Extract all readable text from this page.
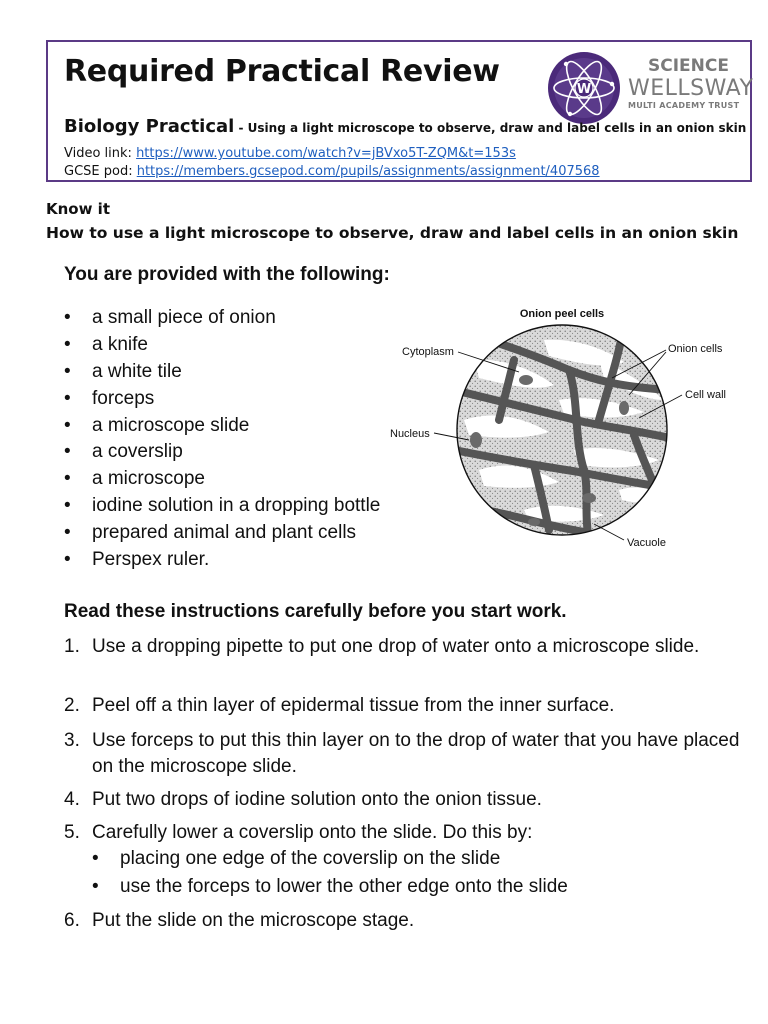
Required Practical Review
W
SCIENCE
WELLSWAY
MULTI ACADEMY TRUST
Biology Practical - Using a light microscope to observe, draw and label cells in an onion skin
Video link: https://www.youtube.com/watch?v=jBVxo5T-ZQM&t=153s
GCSE pod: https://members.gcsepod.com/pupils/assignments/assignment/407568
Know it
How to use a light microscope to observe, draw and label cells in an onion skin
You are provided with the following:
• a small piece of onion
• a knife
• a white tile
• forceps
• a microscope slide
• a coverslip
• a microscope
• iodine solution in a dropping bottle
• prepared animal and plant cells
• Perspex ruler.
Onion peel cells
Cytoplasm	Onion cells
Cell wall
Nucleus
Vacuole
Read these instructions carefully before you start work.
1. Use a dropping pipette to put one drop of water onto a microscope slide.
2. Peel off a thin layer of epidermal tissue from the inner surface.
3. Use forceps to put this thin layer on to the drop of water that you have placed on the microscope slide.
4. Put two drops of iodine solution onto the onion tissue.
5. Carefully lower a coverslip onto the slide. Do this by:
• placing one edge of the coverslip on the slide
• use the forceps to lower the other edge onto the slide
6. Put the slide on the microscope stage.
